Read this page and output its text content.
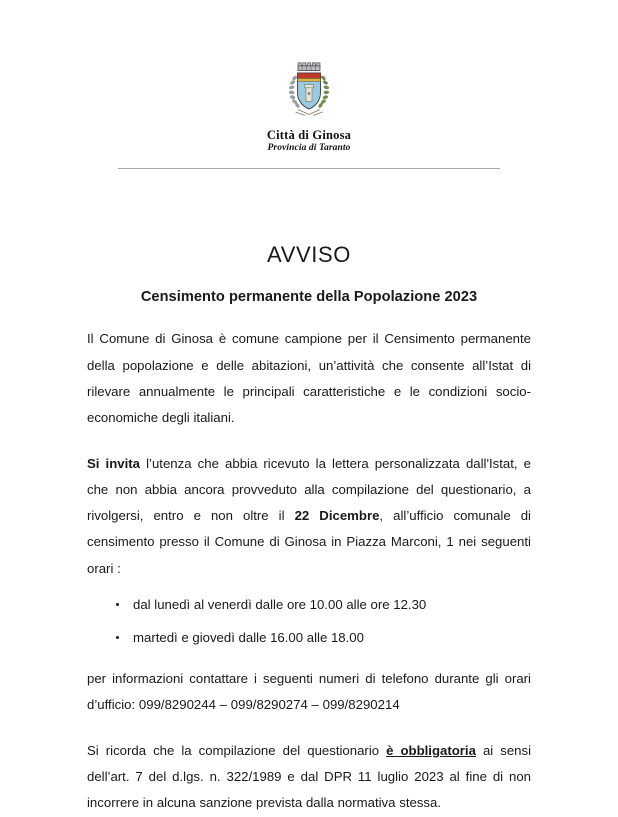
Città di Ginosa
Provincia di Taranto
AVVISO
Censimento permanente della Popolazione 2023

Il Comune di Ginosa è comune campione per il Censimento permanente della popolazione e delle abitazioni, un’attività che consente all’Istat di rilevare annualmente le principali caratteristiche e le condizioni socio-economiche degli italiani.

Si invita l’utenza che abbia ricevuto la lettera personalizzata dall'Istat, e che non abbia ancora provveduto alla compilazione del questionario, a rivolgersi, entro e non oltre il 22 Dicembre, all’ufficio comunale di censimento presso il Comune di Ginosa in Piazza Marconi, 1 nei seguenti orari :

dal lunedì al venerdì dalle ore 10.00 alle ore 12.30
martedì e giovedì dalle 16.00 alle 18.00

per informazioni contattare i seguenti numeri di telefono durante gli orari d’ufficio: 099/8290244 – 099/8290274 – 099/8290214

Si ricorda che la compilazione del questionario è obbligatoria ai sensi dell’art. 7 del d.lgs. n. 322/1989 e dal DPR 11 luglio 2023 al fine di non incorrere in alcuna sanzione prevista dalla normativa stessa.
